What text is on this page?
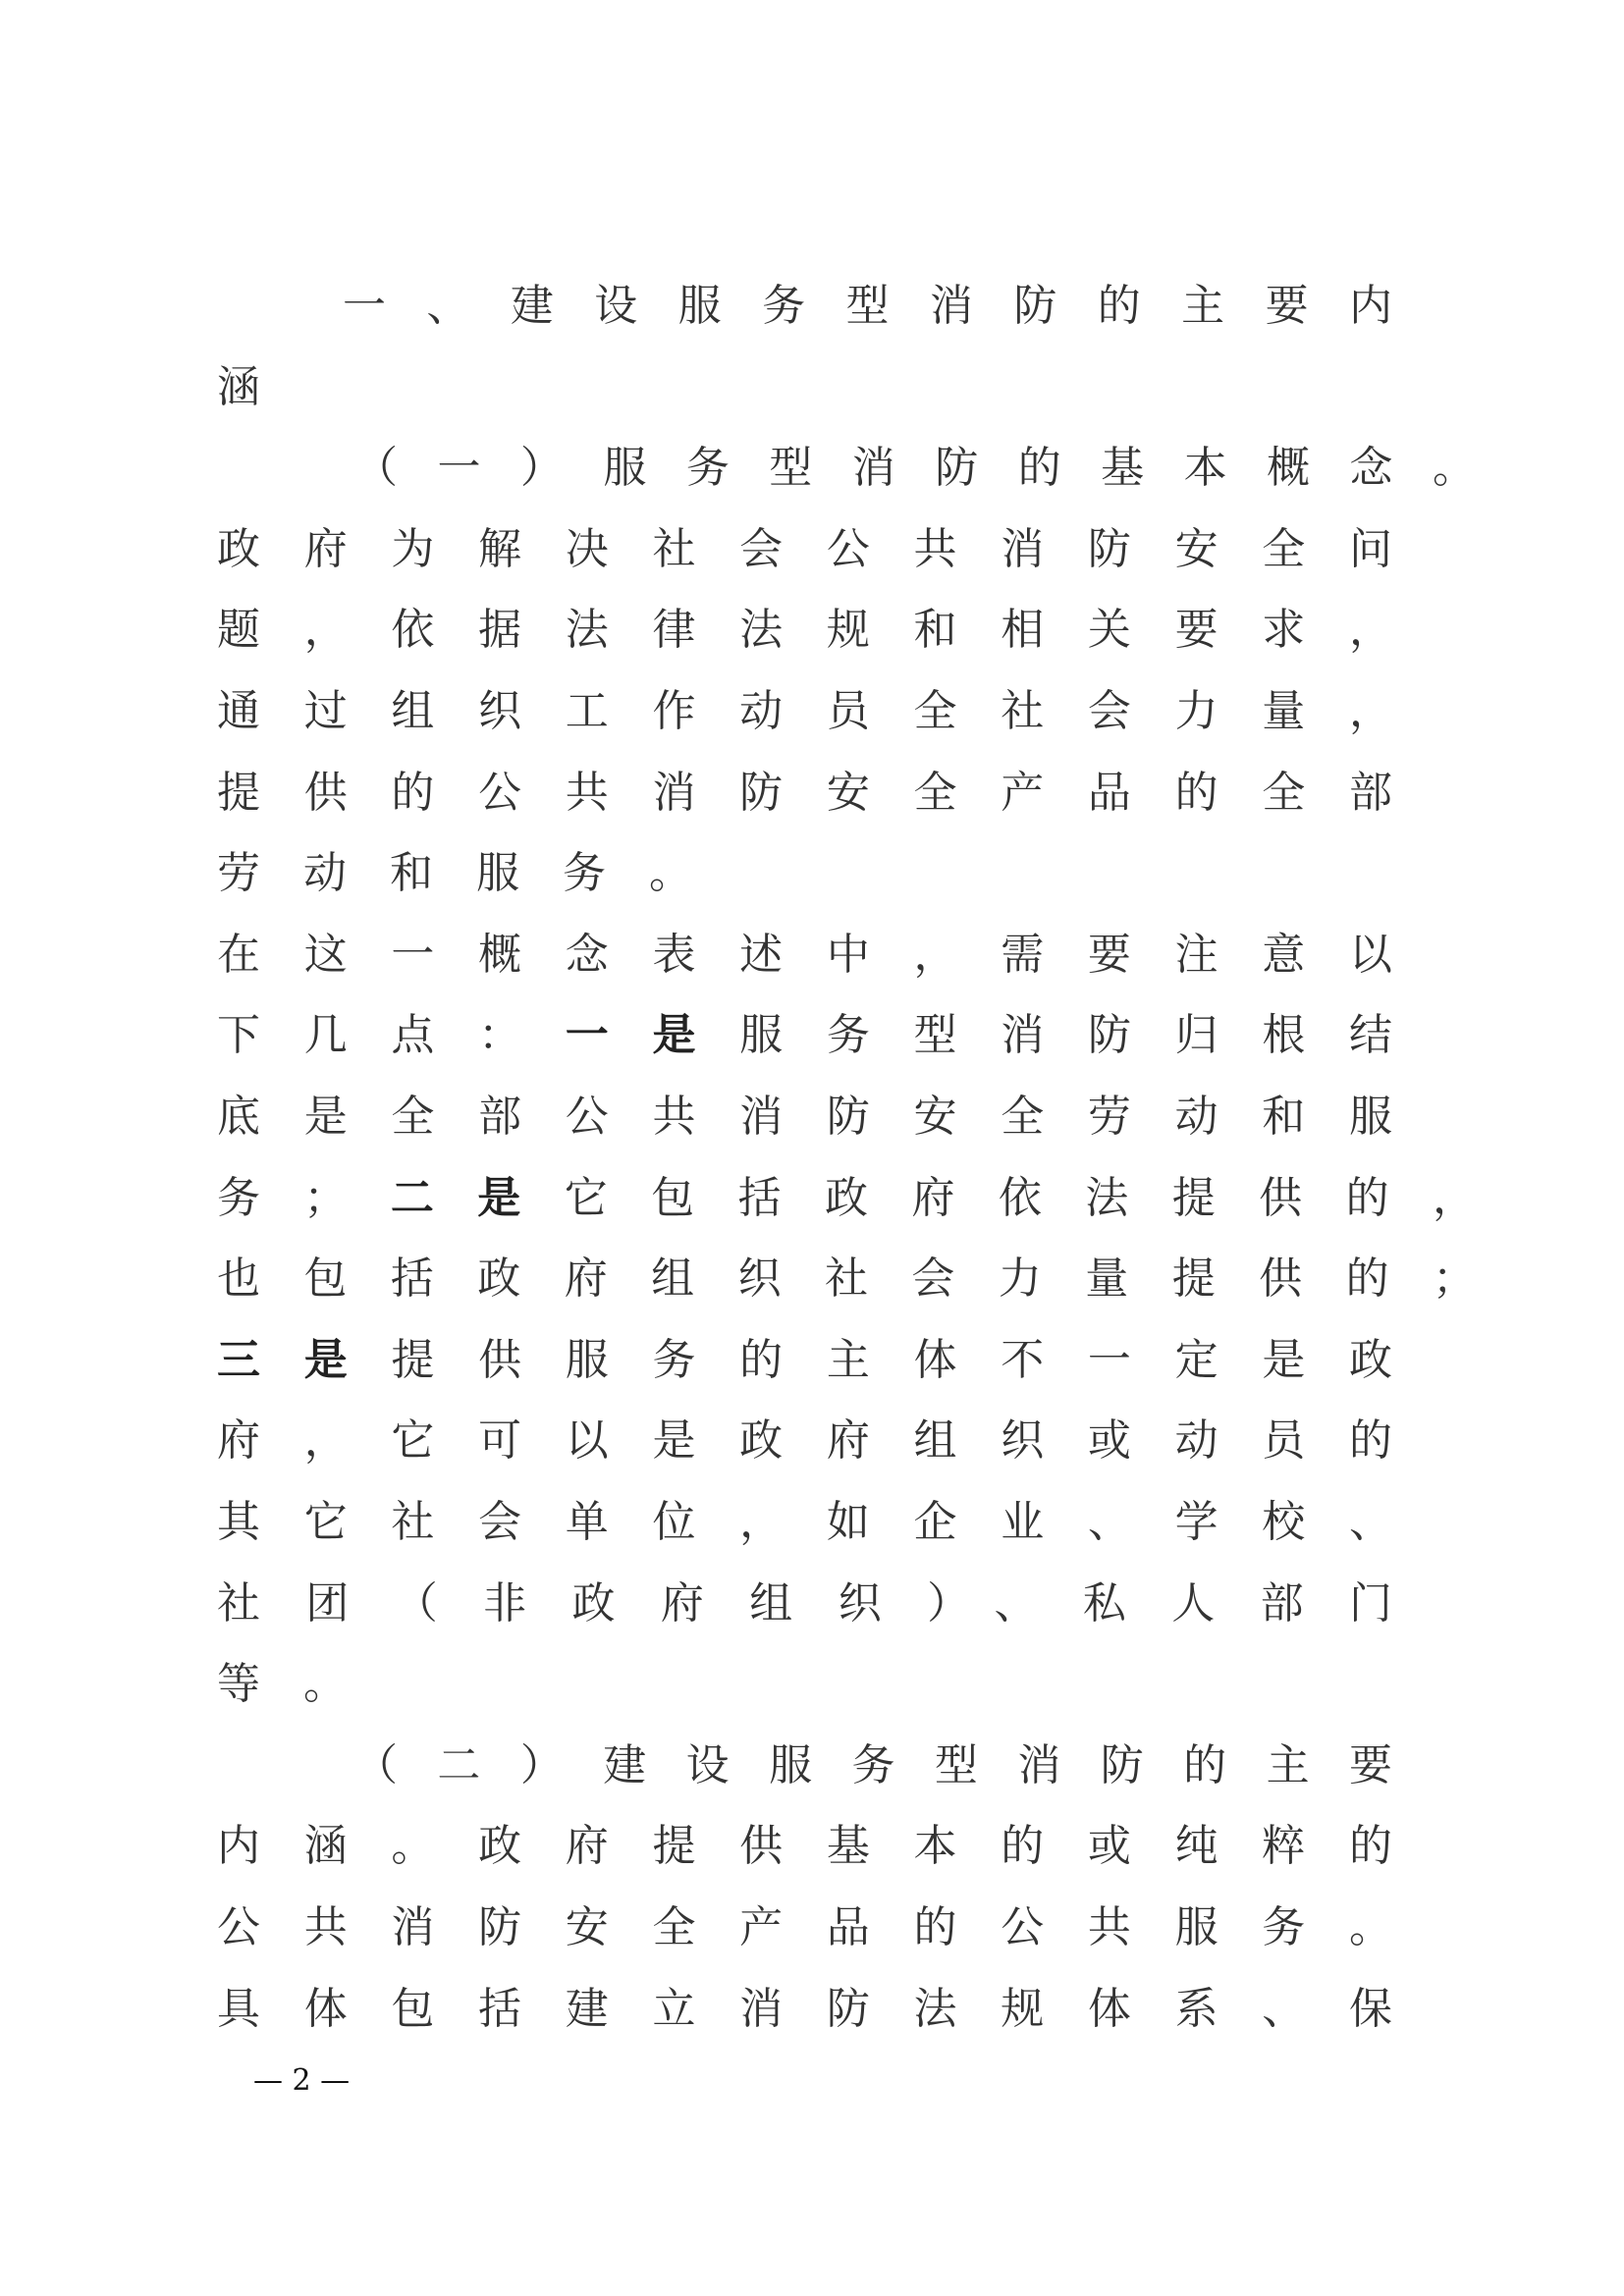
一、建设服务型消防的主要内
涵
（一）服务型消防的基本概念。
政府为解决社会公共消防安全问
题，依据法律法规和相关要求，
通过组织工作动员全社会力量，
提供的公共消防安全产品的全部
劳动和服务。
在这一概念表述中，需要注意以
下几点：一是服务型消防归根结
底是全部公共消防安全劳动和服
务；二是它包括政府依法提供的，
也包括政府组织社会力量提供的；
三是提供服务的主体不一定是政
府，它可以是政府组织或动员的
其它社会单位，如企业、学校、
社团（非政府组织）、私人部门
等。
（二）建设服务型消防的主要
内涵。政府提供基本的或纯粹的
公共消防安全产品的公共服务。
具体包括建立消防法规体系、保
— 2 —
